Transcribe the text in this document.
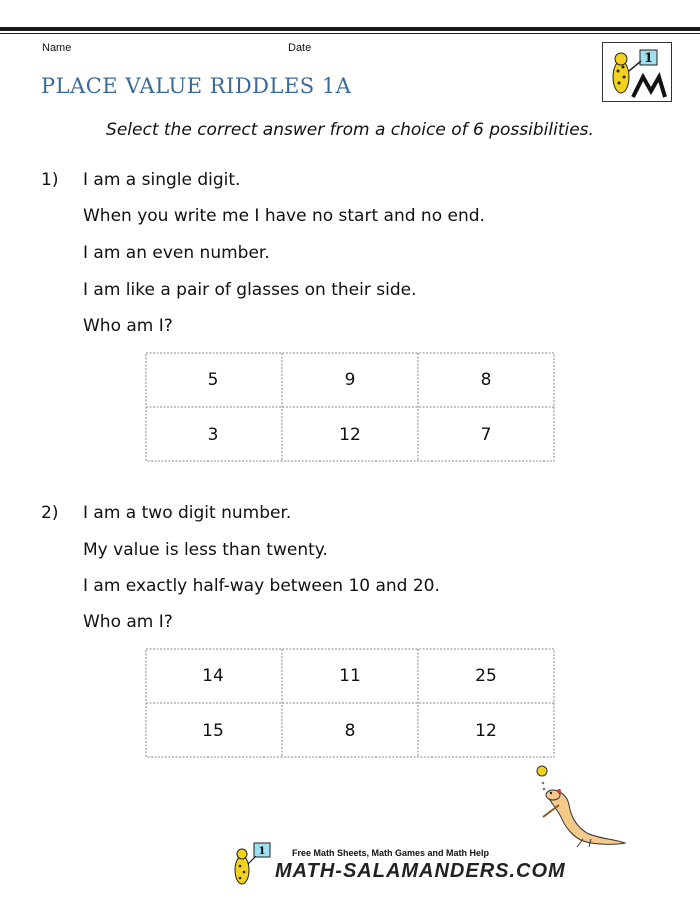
Name	Date
PLACE VALUE RIDDLES 1A
1
Select the correct answer from a choice of 6 possibilities.
1) I am a single digit.
When you write me I have no start and no end.
I am an even number.
I am like a pair of glasses on their side.
Who am I?
5	9	8
3	12	7
2) I am a two digit number.
My value is less than twenty.
I am exactly half-way between 10 and 20.
Who am I?
14	11	25
15	8	12
1	Free Math Sheets, Math Games and Math Help
MATH-SALAMANDERS.COM
